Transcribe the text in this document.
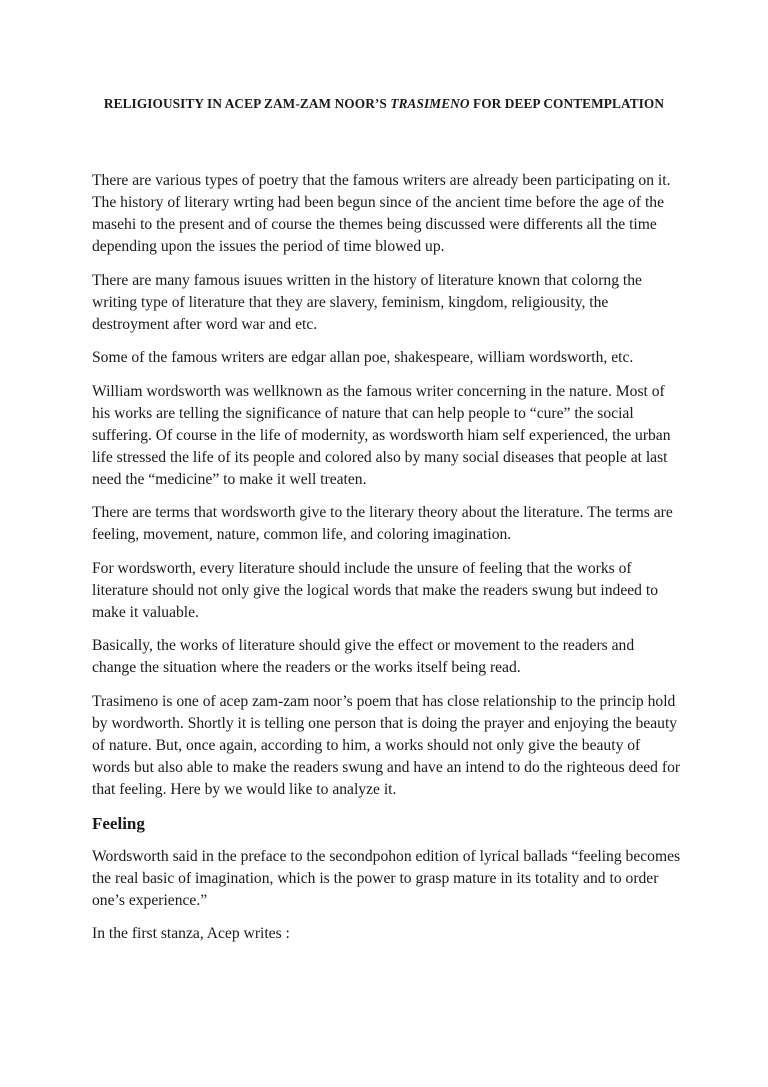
RELIGIOUSITY IN ACEP ZAM-ZAM NOOR’S TRASIMENO FOR DEEP CONTEMPLATION

There are various types of poetry that the famous writers are already been participating on it. The history of literary wrting had been begun since of the ancient time before the age of the masehi to the present and of course the themes being discussed were differents all the time depending upon the issues the period of time blowed up.

There are many famous isuues written in the history of literature known that colorng the writing type of literature that they are slavery, feminism, kingdom, religiousity, the destroyment after word war and etc.

Some of the famous writers are edgar allan poe, shakespeare, william wordsworth, etc.

William wordsworth was wellknown as the famous writer concerning in the nature. Most of his works are telling the significance of nature that can help people to “cure” the social suffering. Of course in the life of modernity, as wordsworth hiam self experienced, the urban life stressed the life of its people and colored also by many social diseases that people at last need the “medicine” to make it well treaten.

There are terms that wordsworth give to the literary theory about the literature. The terms are feeling, movement, nature, common life, and coloring imagination.

For wordsworth, every literature should include the unsure of feeling that the works of literature should not only give the logical words that make the readers swung but indeed to make it valuable.

Basically, the works of literature should give the effect or movement to the readers and change the situation where the readers or the works itself being read.

Trasimeno is one of acep zam-zam noor’s poem that has close relationship to the princip hold by wordworth. Shortly it is telling one person that is doing the prayer and enjoying the beauty of nature. But, once again, according to him, a works should not only give the beauty of words but also able to make the readers swung and have an intend to do the righteous deed for that feeling. Here by we would like to analyze it.

Feeling

Wordsworth said in the preface to the secondpohon edition of lyrical ballads “feeling becomes the real basic of imagination, which is the power to grasp mature in its totality and to order one’s experience.”

In the first stanza, Acep writes :
